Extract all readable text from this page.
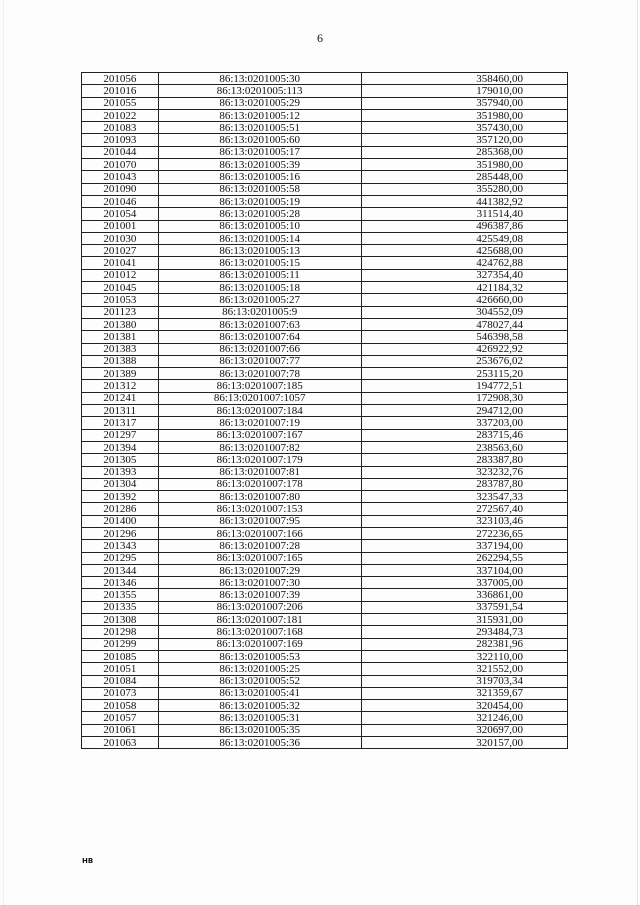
6
201056	86:13:0201005:30	358460,00
201016	86:13:0201005:113	179010,00
201055	86:13:0201005:29	357940,00
201022	86:13:0201005:12	351980,00
201083	86:13:0201005:51	357430,00
201093	86:13:0201005:60	357120,00
201044	86:13:0201005:17	285368,00
201070	86:13:0201005:39	351980,00
201043	86:13:0201005:16	285448,00
201090	86:13:0201005:58	355280,00
201046	86:13:0201005:19	441382,92
201054	86:13:0201005:28	311514,40
201001	86:13:0201005:10	496387,86
201030	86:13:0201005:14	425549,08
201027	86:13:0201005:13	425688,00
201041	86:13:0201005:15	424762,88
201012	86:13:0201005:11	327354,40
201045	86:13:0201005:18	421184,32
201053	86:13:0201005:27	426660,00
201123	86:13:0201005:9	304552,09
201380	86:13:0201007:63	478027,44
201381	86:13:0201007:64	546398,58
201383	86:13:0201007:66	426922,92
201388	86:13:0201007:77	253676,02
201389	86:13:0201007:78	253115,20
201312	86:13:0201007:185	194772,51
201241	86:13:0201007:1057	172908,30
201311	86:13:0201007:184	294712,00
201317	86:13:0201007:19	337203,00
201297	86:13:0201007:167	283715,46
201394	86:13:0201007:82	238563,60
201305	86:13:0201007:179	283387,80
201393	86:13:0201007:81	323232,76
201304	86:13:0201007:178	283787,80
201392	86:13:0201007:80	323547,33
201286	86:13:0201007:153	272567,40
201400	86:13:0201007:95	323103,46
201296	86:13:0201007:166	272236,65
201343	86:13:0201007:28	337194,00
201295	86:13:0201007:165	262294,55
201344	86:13:0201007:29	337104,00
201346	86:13:0201007:30	337005,00
201355	86:13:0201007:39	336861,00
201335	86:13:0201007:206	337591,54
201308	86:13:0201007:181	315931,00
201298	86:13:0201007:168	293484,73
201299	86:13:0201007:169	282381,96
201085	86:13:0201005:53	322110,00
201051	86:13:0201005:25	321552,00
201084	86:13:0201005:52	319703,34
201073	86:13:0201005:41	321359,67
201058	86:13:0201005:32	320454,00
201057	86:13:0201005:31	321246,00
201061	86:13:0201005:35	320697,00
201063	86:13:0201005:36	320157,00
НВ
